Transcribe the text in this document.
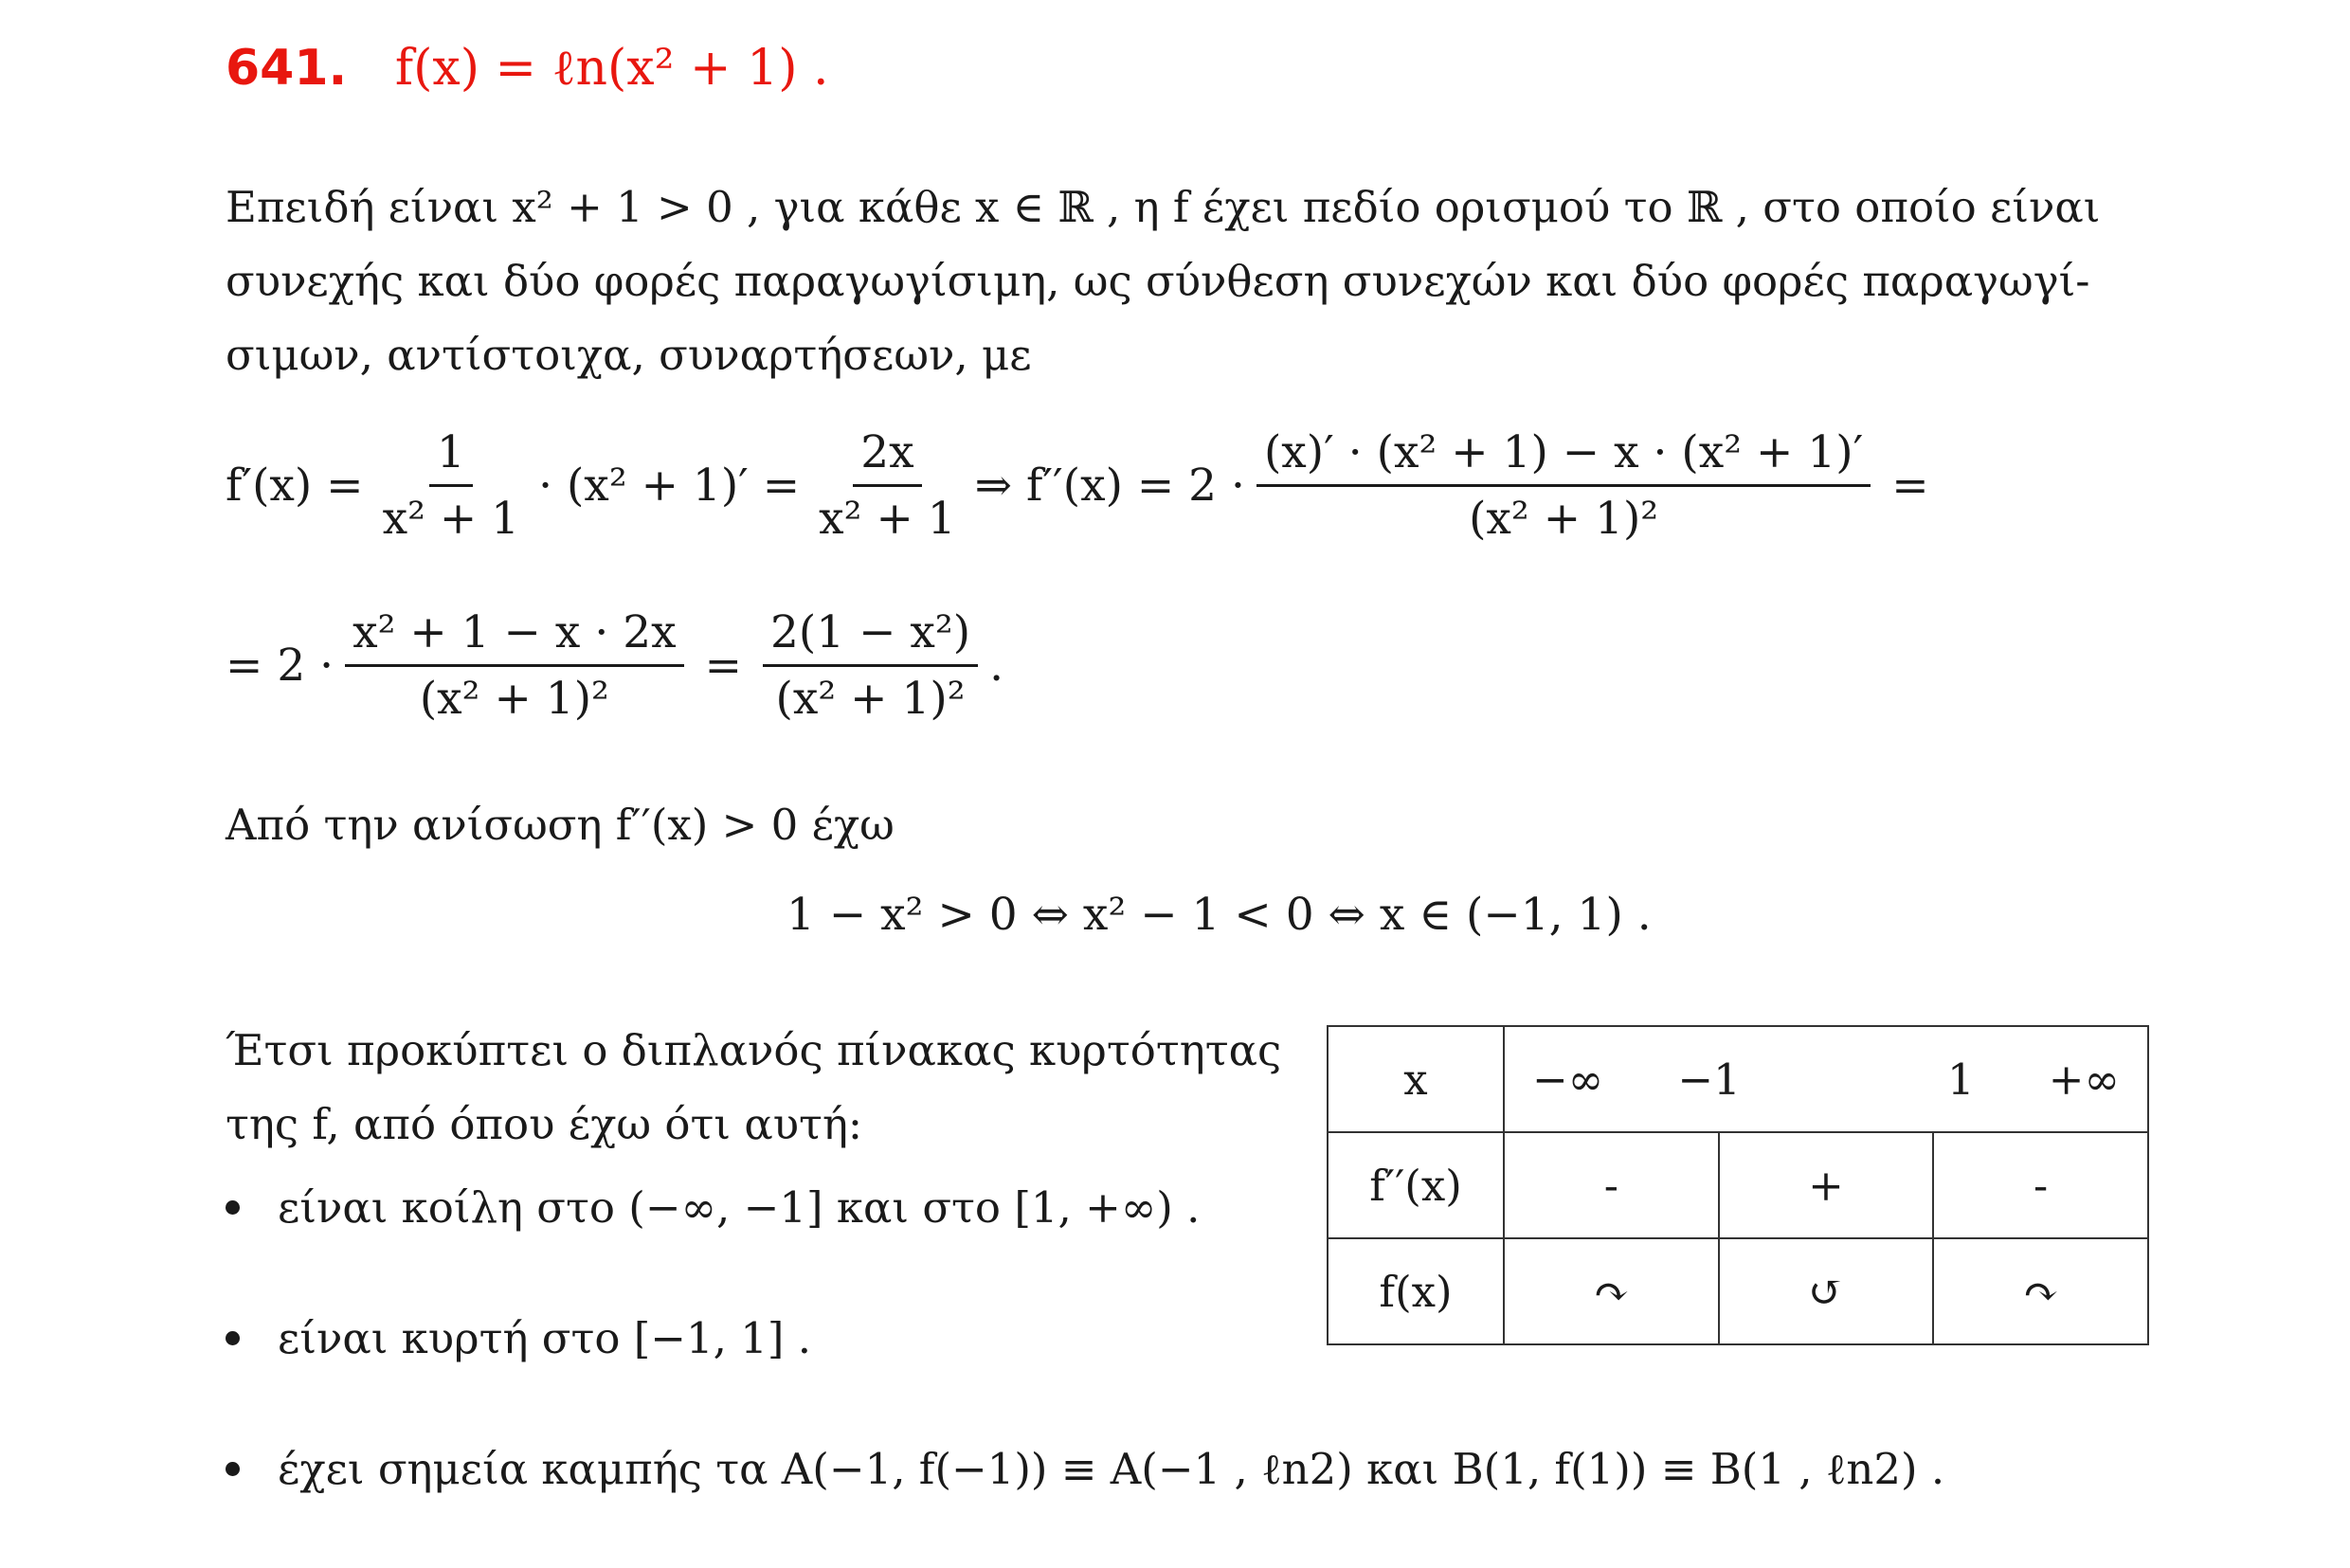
641. f(x) = ℓn(x² + 1) .
Επειδή είναι x² + 1 > 0 , για κάθε x ∈ ℝ , η f έχει πεδίο ορισμού το ℝ , στο οποίο είναι
συνεχής και δύο φορές παραγωγίσιμη, ως σύνθεση συνεχών και δύο φορές παραγωγί-
σιμων, αντίστοιχα, συναρτήσεων, με
$f'(x) = \frac{1}{\text{x² + 1}} \cdot (x^2 + 1)' = \frac{2x}{\text{x² + 1}}$ ⇒ $f''(x) = 2 \cdot \frac{\text{(x)′ · (x² + 1) − x · (x² + 1)′}}{\text{(x² + 1)²}}$ =
= $2 \cdot \frac{\text{x² + 1 − x · 2x}}{\text{(x² + 1)²}} = \frac{\text{2(1 − x²)}}{\text{(x² + 1)²}}$ .
Από την ανίσωση f′′(x) > 0 έχω
1 − x² > 0 ⇔ x² − 1 < 0 ⇔ x ∈ (−1, 1) .
Έτσι προκύπτει ο διπλανός πίνακας κυρτότητας
της f, από όπου έχω ότι αυτή:
είναι κοίλη στο (−∞, −1] και στο [1, +∞) .
είναι κυρτή στο [−1, 1] .
έχει σημεία καμπής τα A(−1, f(−1)) ≡ A(−1 , ℓn2) και B(1, f(1)) ≡ B(1 , ℓn2) .
x	−∞ −1 1 +∞		

f′′(x)	-	+	-
f(x)	↷	↺	↷
